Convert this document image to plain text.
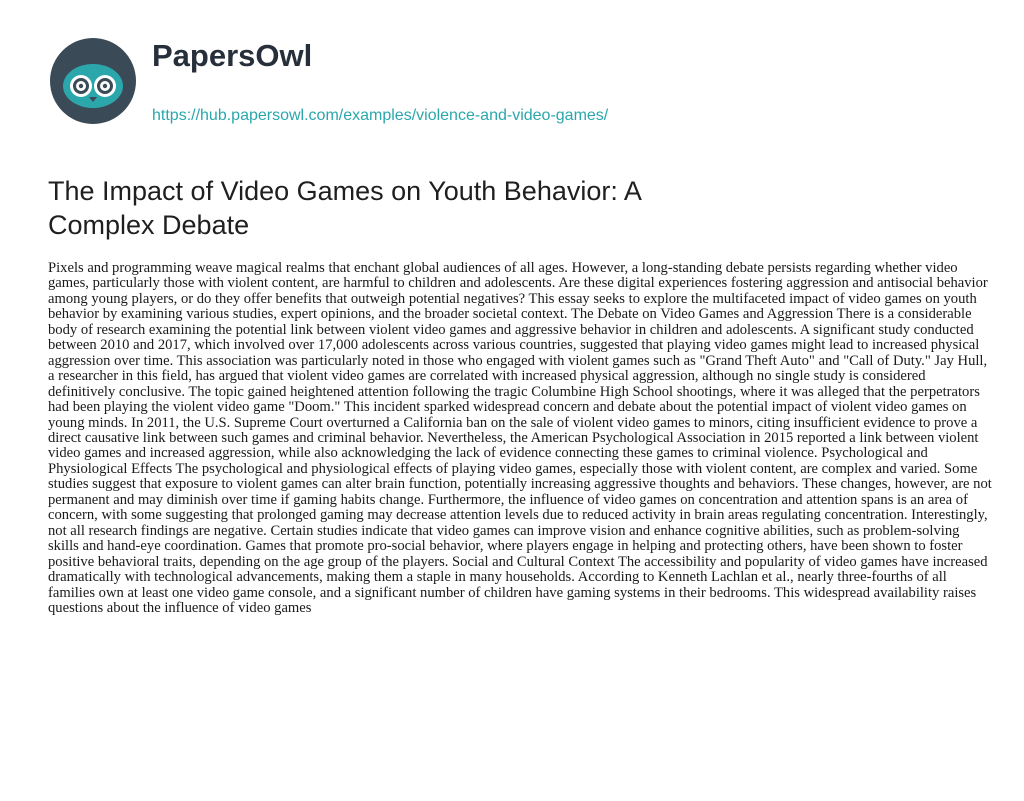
PapersOwl
https://hub.papersowl.com/examples/violence-and-video-games/
The Impact of Video Games on Youth Behavior: A Complex Debate

Pixels and programming weave magical realms that enchant global audiences of all ages. However, a long-standing debate persists regarding whether video games, particularly those with violent content, are harmful to children and adolescents. Are these digital experiences fostering aggression and antisocial behavior among young players, or do they offer benefits that outweigh potential negatives? This essay seeks to explore the multifaceted impact of video games on youth behavior by examining various studies, expert opinions, and the broader societal context. The Debate on Video Games and Aggression There is a considerable body of research examining the potential link between violent video games and aggressive behavior in children and adolescents. A significant study conducted between 2010 and 2017, which involved over 17,000 adolescents across various countries, suggested that playing video games might lead to increased physical aggression over time. This association was particularly noted in those who engaged with violent games such as "Grand Theft Auto" and "Call of Duty." Jay Hull, a researcher in this field, has argued that violent video games are correlated with increased physical aggression, although no single study is considered definitively conclusive. The topic gained heightened attention following the tragic Columbine High School shootings, where it was alleged that the perpetrators had been playing the violent video game "Doom." This incident sparked widespread concern and debate about the potential impact of violent video games on young minds. In 2011, the U.S. Supreme Court overturned a California ban on the sale of violent video games to minors, citing insufficient evidence to prove a direct causative link between such games and criminal behavior. Nevertheless, the American Psychological Association in 2015 reported a link between violent video games and increased aggression, while also acknowledging the lack of evidence connecting these games to criminal violence. Psychological and Physiological Effects The psychological and physiological effects of playing video games, especially those with violent content, are complex and varied. Some studies suggest that exposure to violent games can alter brain function, potentially increasing aggressive thoughts and behaviors. These changes, however, are not permanent and may diminish over time if gaming habits change. Furthermore, the influence of video games on concentration and attention spans is an area of concern, with some suggesting that prolonged gaming may decrease attention levels due to reduced activity in brain areas regulating concentration. Interestingly, not all research findings are negative. Certain studies indicate that video games can improve vision and enhance cognitive abilities, such as problem-solving skills and hand-eye coordination. Games that promote pro-social behavior, where players engage in helping and protecting others, have been shown to foster positive behavioral traits, depending on the age group of the players. Social and Cultural Context The accessibility and popularity of video games have increased dramatically with technological advancements, making them a staple in many households. According to Kenneth Lachlan et al., nearly three-fourths of all families own at least one video game console, and a significant number of children have gaming systems in their bedrooms. This widespread availability raises questions about the influence of video games
